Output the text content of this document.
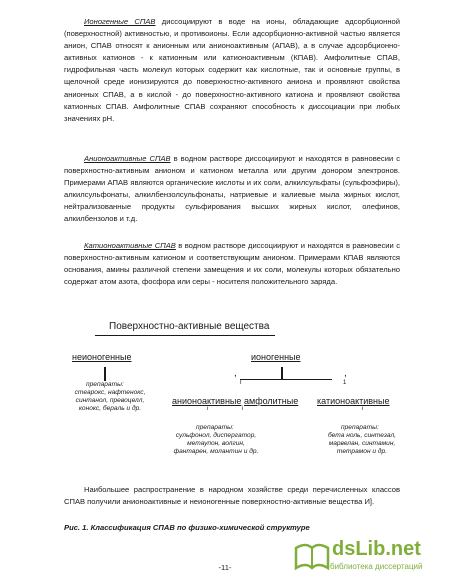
Ионогенные СПАВ диссоциируют в воде на ионы, обладающие адсорбционной (поверхностной) активностью, и противоионы. Если адсорбционно-активной частью является анион, СПАВ относят к анионным или анионоактивным (АПАВ), а в случае адсорбционно-активных катионов - к катионным или катионоактивным (КПАВ). Амфолитные СПАВ, гидрофильная часть молекул которых содержит как кислотные, так и основные группы, в щелочной среде ионизируются до поверхностно-активного аниона и проявляют свойства анионных СПАВ, а в кислой - до поверхностно-активного катиона и проявляют свойства катионных СПАВ. Амфолитные СПАВ сохраняют способность к диссоциации при любых значениях pH.

Анионоактивные СПАВ в водном растворе диссоциируют и находятся в равновесии с поверхностно-активным анионом и катионом металла или другим донором электронов. Примерами АПАВ являются органические кислоты и их соли, алкилсульфаты (сульфоэфиры), алкилсульфонаты, алкилбензолсульфонаты, натриевые и калиевые мыла жирных кислот, нейтрализованные продукты сульфирования высших жирных кислот, олефинов, алкилбензолов и т.д.

Катионоактивные СПАВ в водном растворе диссоциируют и находятся в равновесии с поверхностно-активным катионом и соответствующим анионом. Примерами КПАВ являются основания, амины различной степени замещения и их соли, молекулы которых обязательно содержат атом азота, фосфора или серы - носителя положительного заряда.

Поверхностно-активные вещества
неионогенные	ионогенные
,	,
Г	1
препараты:
стеарокс, нафтенокс,
синтанол, превоцелл,
конокс, бераль и др.
анионоактивные амфолитные катионоактивные
i	i	i
препараты:
сульфонол, диспергатор,
метаупон, волгин,
фантарен, молантин и др.
препараты:
бета ноль, синтезал,
марвелан, синтамин,
тетрамон и др.
Рис. 1. Классификация СПАВ по физико-химической структуре

Наибольшее распространение в народном хозяйстве среди перечисленных классов СПАВ получили анионоактивные и неионогенные поверхностно-активные вещества И].

-11-
dsLib.net
библиотека диссертаций
